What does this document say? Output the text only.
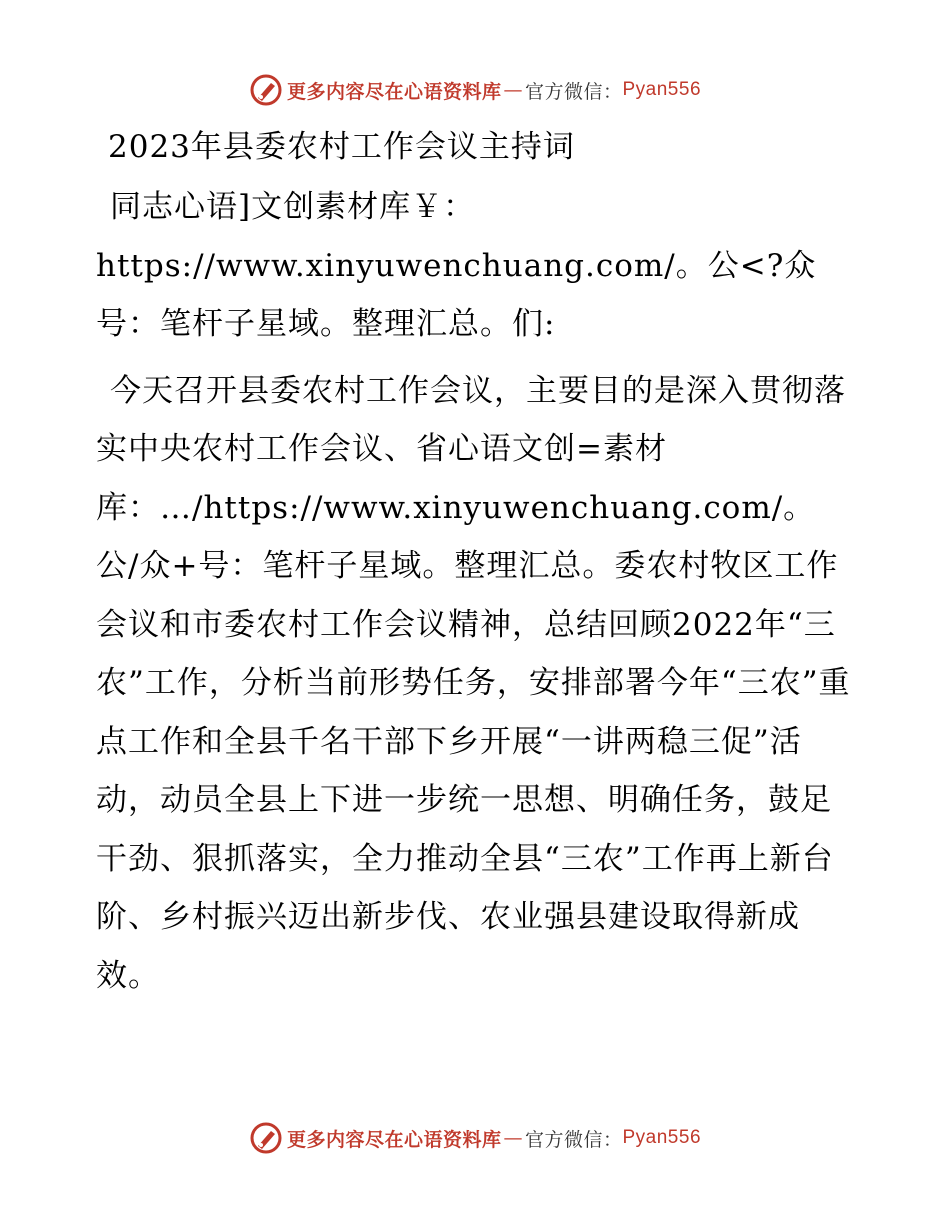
更多内容尽在心语资料库 — 官方微信： Pyan556
2023年县委农村工作会议主持词

同志心语]文创素材库￥：https://www.xinyuwenchuang.com/。公<?众号：笔杆子星域。整理汇总。们:

今天召开县委农村工作会议，主要目的是深入贯彻落实中央农村工作会议、省心语文创=素材库：…/https://www.xinyuwenchuang.com/。公/众+号：笔杆子星域。整理汇总。委农村牧区工作会议和市委农村工作会议精神，总结回顾2022年“三农”工作，分析当前形势任务，安排部署今年“三农”重点工作和全县千名干部下乡开展“一讲两稳三促”活动，动员全县上下进一步统一思想、明确任务，鼓足干劲、狠抓落实，全力推动全县“三农”工作再上新台阶、乡村振兴迈出新步伐、农业强县建设取得新成效。

更多内容尽在心语资料库 — 官方微信： Pyan556
